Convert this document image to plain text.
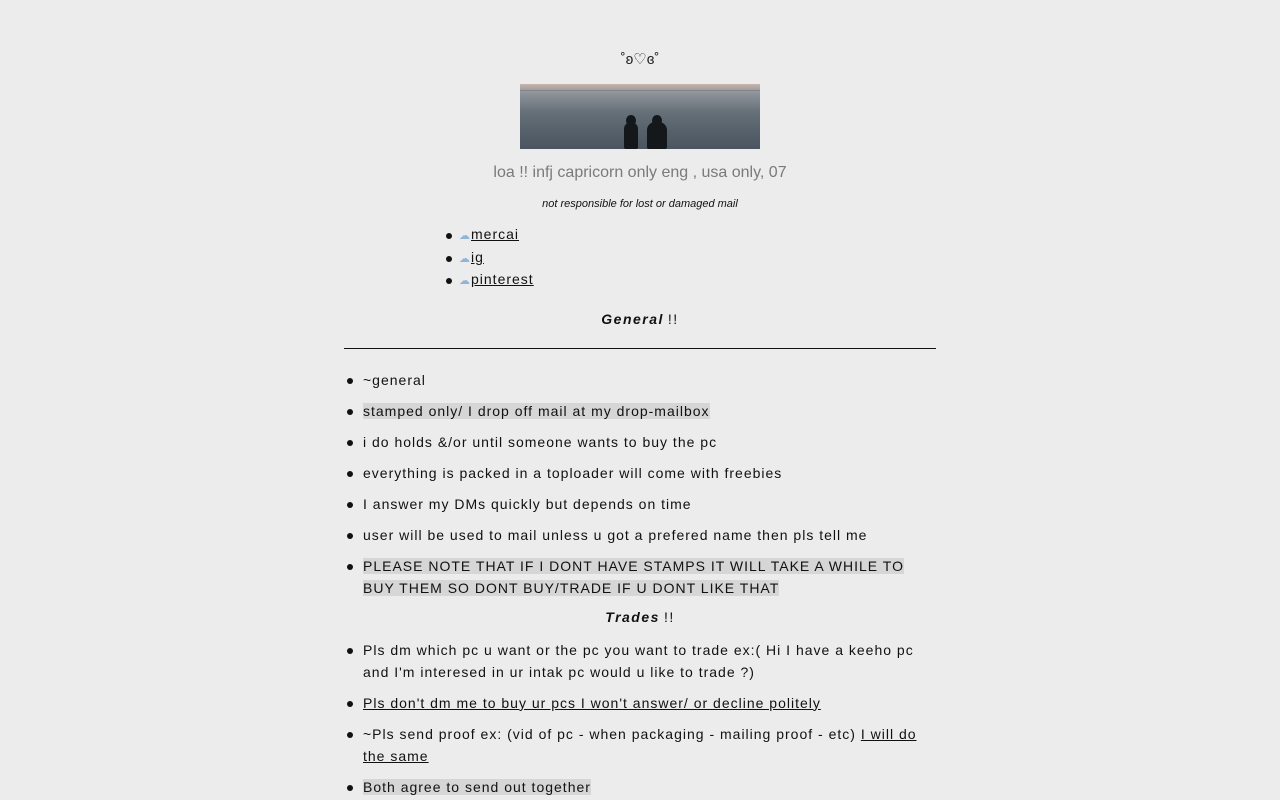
˚ʚ♡ɞ˚
loa !! infj capricorn only eng , usa only, 07
not responsible for lost or damaged mail
☁mercai
☁ig
☁pinterest
General !!
~general
stamped only/ I drop off mail at my drop-mailbox
i do holds &/or until someone wants to buy the pc
everything is packed in a toploader will come with freebies
I answer my DMs quickly but depends on time
user will be used to mail unless u got a prefered name then pls tell me
PLEASE NOTE THAT IF I DONT HAVE STAMPS IT WILL TAKE A WHILE TO BUY THEM SO DONT BUY/TRADE IF U DONT LIKE THAT
Trades !!
Pls dm which pc u want or the pc you want to trade ex:( Hi I have a keeho pc and I'm interesed in ur intak pc would u like to trade ?)
Pls don't dm me to buy ur pcs I won't answer/ or decline politely
~Pls send proof ex: (vid of pc - when packaging - mailing proof - etc) I will do the same
Both agree to send out together
